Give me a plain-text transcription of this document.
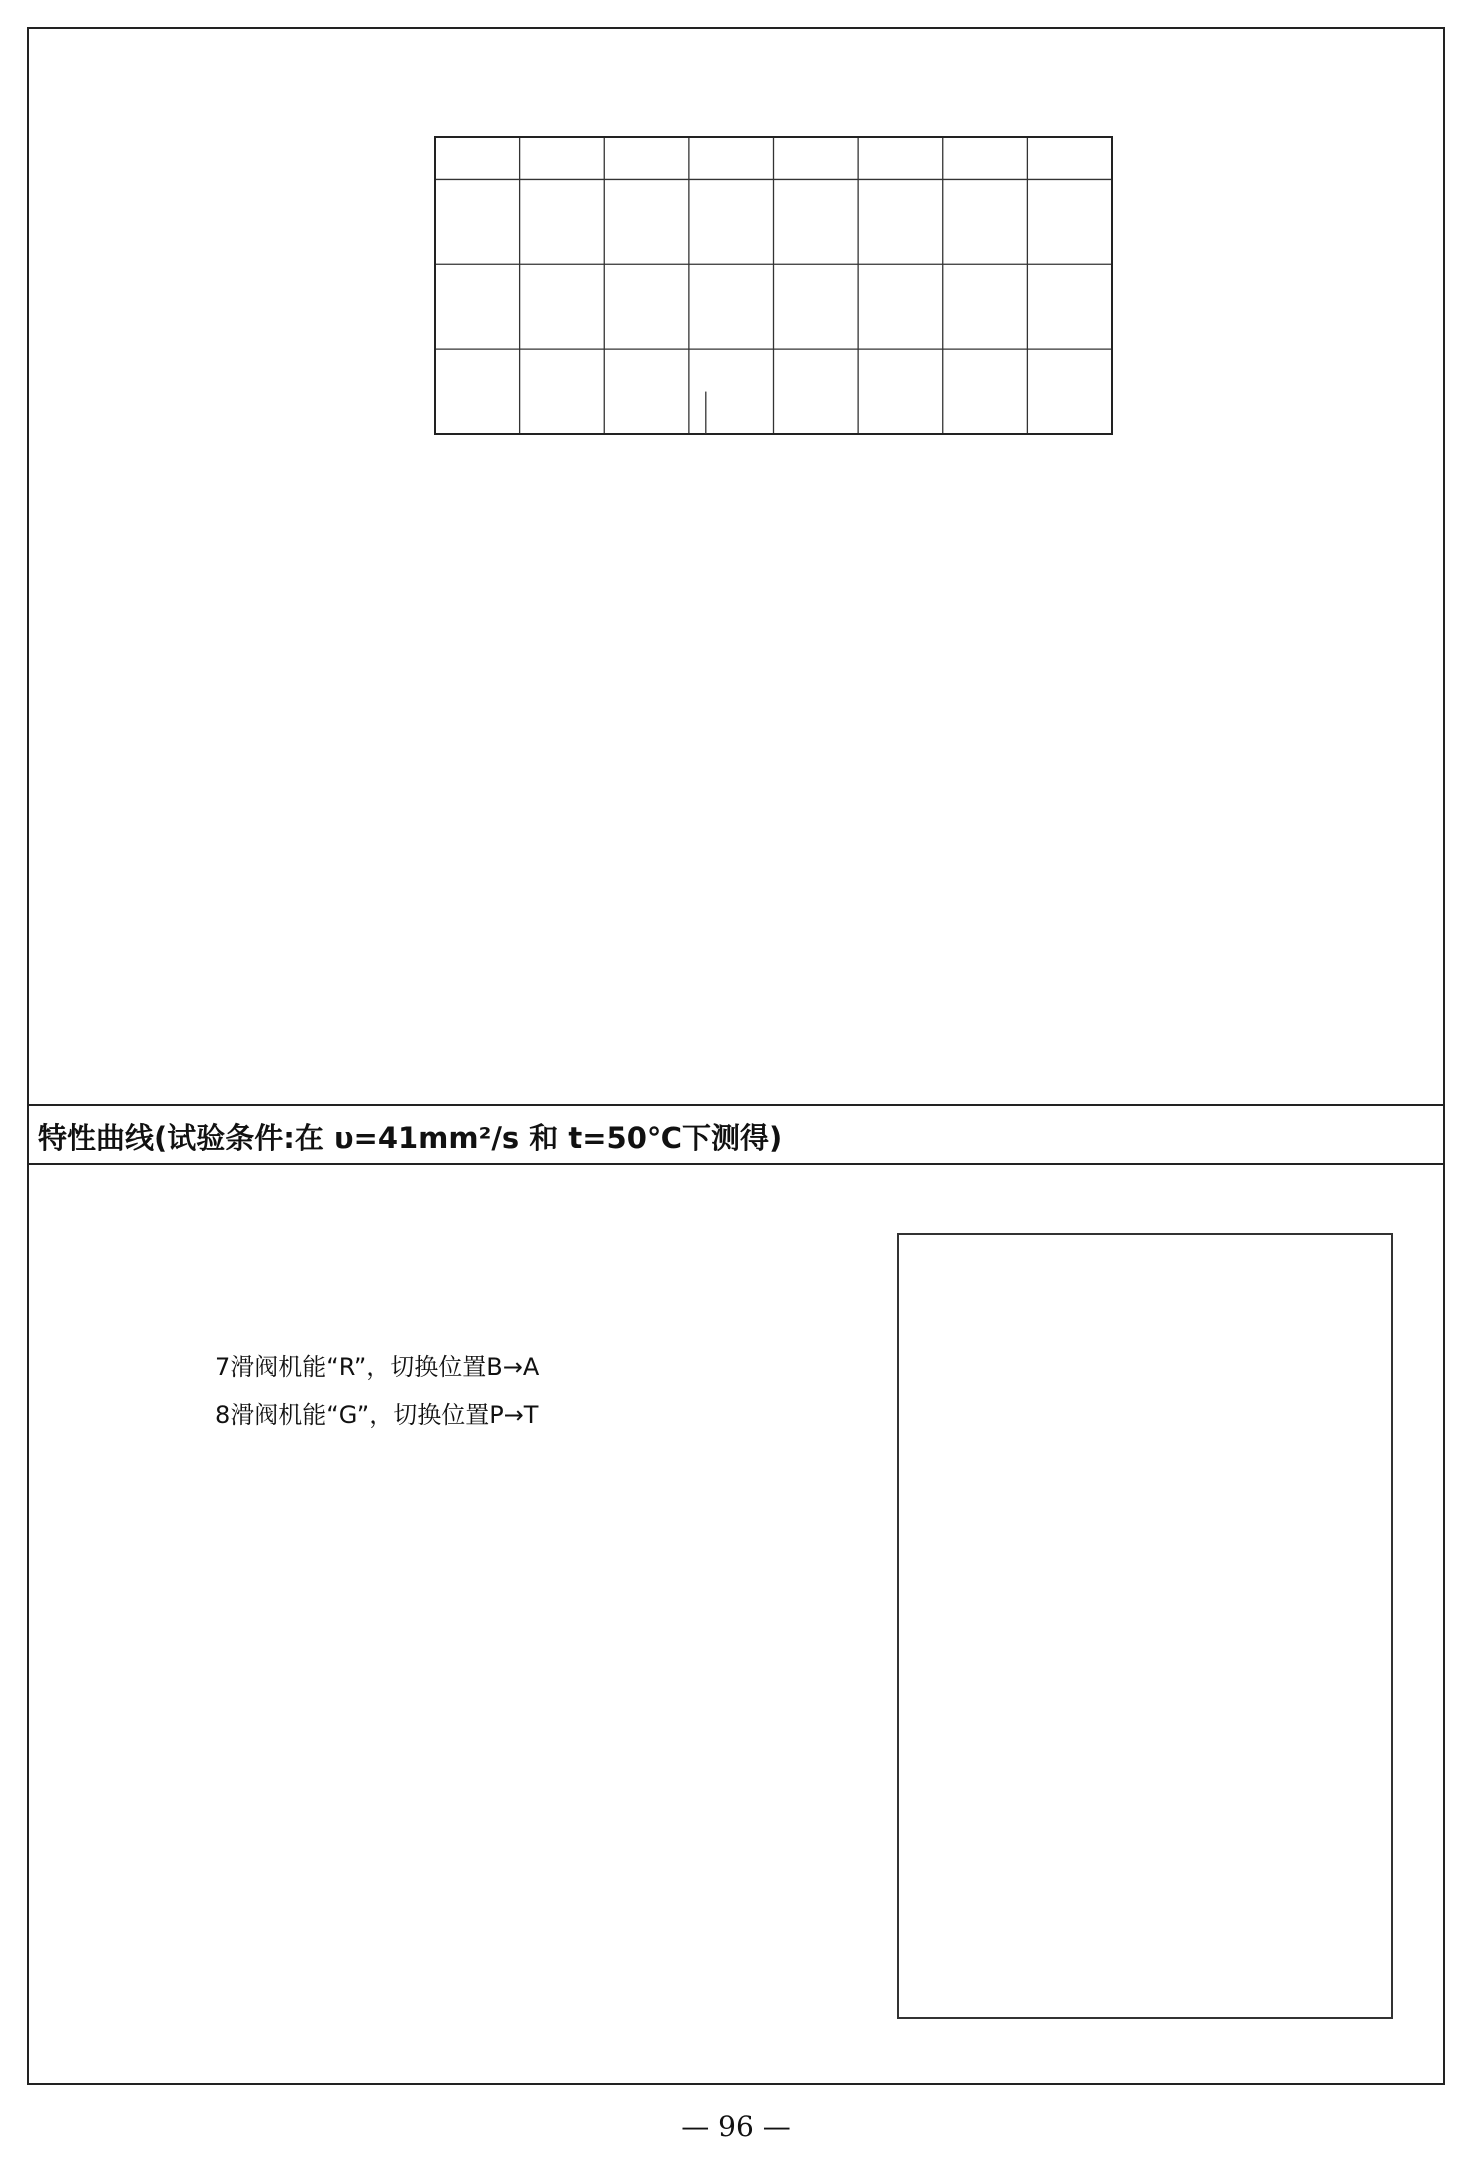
特性曲线(试验条件:在 υ=41mm²/s 和 t=50℃下测得)
7滑阀机能“R”，切换位置B→A
8滑阀机能“G”，切换位置P→T
— 96 —
